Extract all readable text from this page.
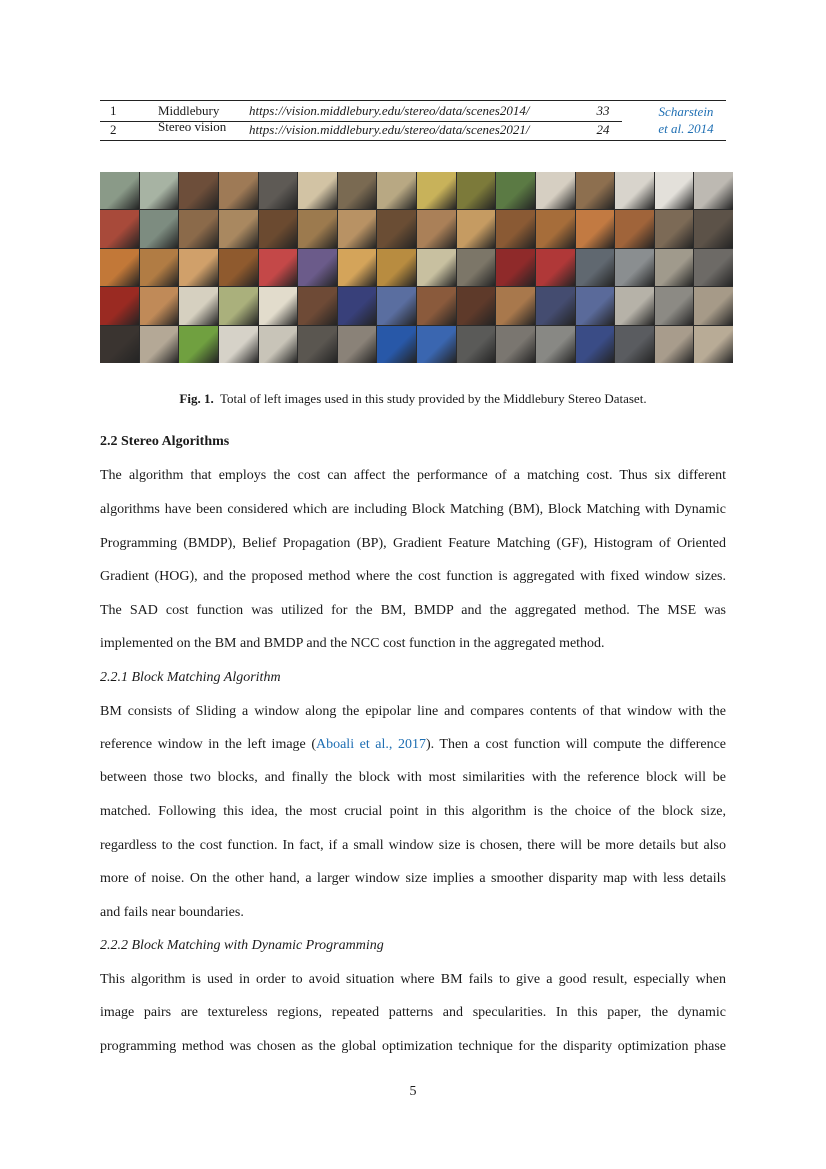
1	Middlebury https://vision.middlebury.edu/stereo/data/scenes2014/	33
2	Stereo vision https://vision.middlebury.edu/stereo/data/scenes2021/	24
Scharstein
et al. 2014
Fig. 1. Total of left images used in this study provided by the Middlebury Stereo Dataset.
2.2 Stereo Algorithms
The algorithm that employs the cost can affect the performance of a matching cost. Thus six different
algorithms have been considered which are including Block Matching (BM), Block Matching with Dynamic
Programming (BMDP), Belief Propagation (BP), Gradient Feature Matching (GF), Histogram of Oriented
Gradient (HOG), and the proposed method where the cost function is aggregated with fixed window sizes.
The SAD cost function was utilized for the BM, BMDP and the aggregated method. The MSE was
implemented on the BM and BMDP and the NCC cost function in the aggregated method.
2.2.1 Block Matching Algorithm
BM consists of Sliding a window along the epipolar line and compares contents of that window with the
reference window in the left image (Aboali et al., 2017). Then a cost function will compute the difference
between those two blocks, and finally the block with most similarities with the reference block will be
matched. Following this idea, the most crucial point in this algorithm is the choice of the block size,
regardless to the cost function. In fact, if a small window size is chosen, there will be more details but also
more of noise. On the other hand, a larger window size implies a smoother disparity map with less details
and fails near boundaries.
2.2.2 Block Matching with Dynamic Programming
This algorithm is used in order to avoid situation where BM fails to give a good result, especially when
image pairs are textureless regions, repeated patterns and specularities. In this paper, the dynamic
programming method was chosen as the global optimization technique for the disparity optimization phase
5
